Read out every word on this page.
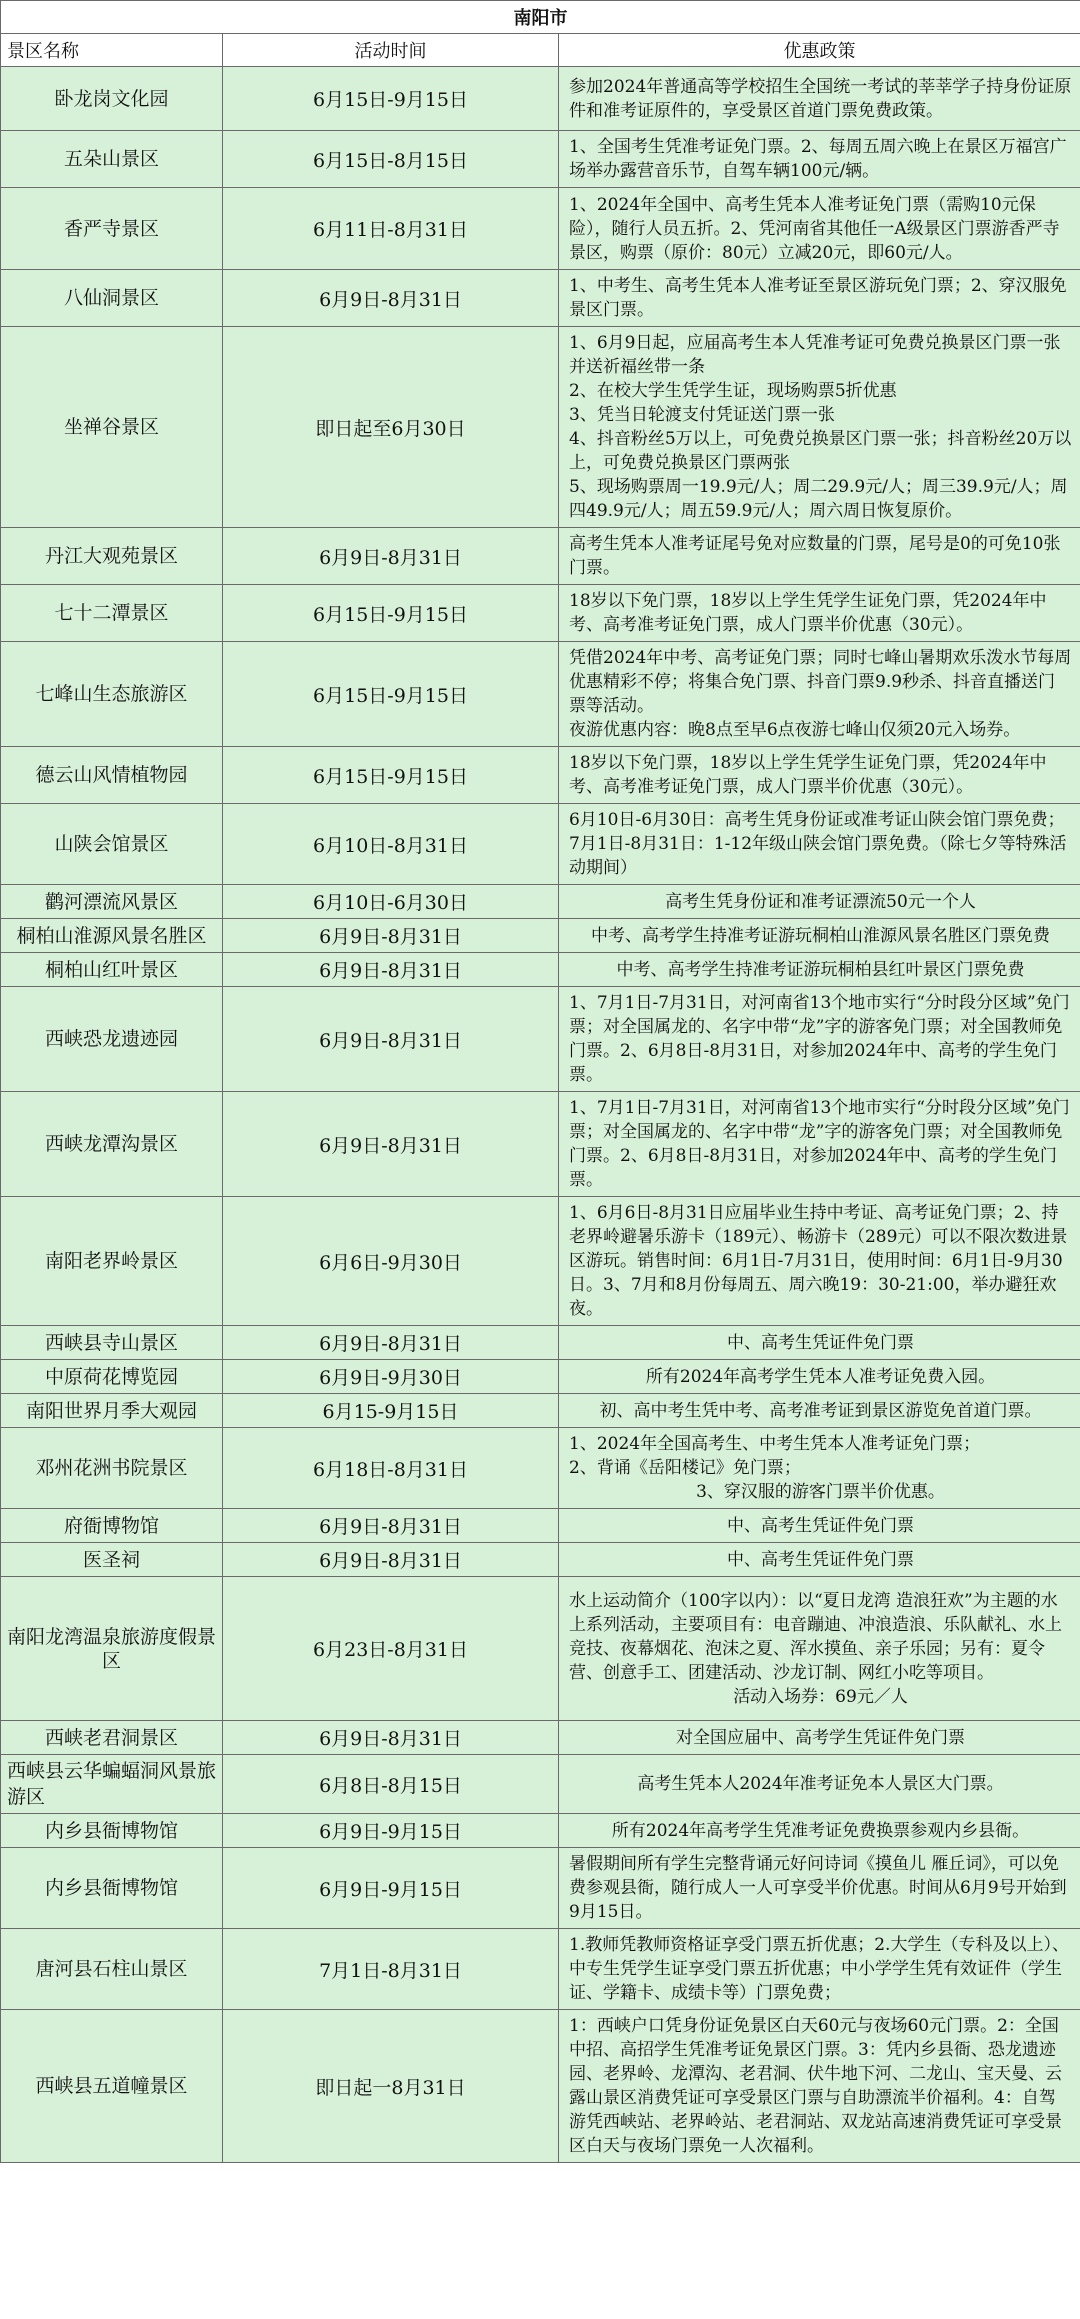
南阳市		
景区名称	活动时间	优惠政策
卧龙岗文化园	6月15日-9月15日	参加2024年普通高等学校招生全国统一考试的莘莘学子持身份证原件和准考证原件的，享受景区首道门票免费政策。

五朵山景区	6月15日-8月15日	1、全国考生凭准考证免门票。2、每周五周六晚上在景区万福宫广场举办露营音乐节，自驾车辆100元/辆。

香严寺景区	6月11日-8月31日	1、2024年全国中、高考生凭本人准考证免门票（需购10元保险），随行人员五折。2、凭河南省其他任一A级景区门票游香严寺景区，购票（原价：80元）立减20元，即60元/人。

八仙洞景区	6月9日-8月31日	1、中考生、高考生凭本人准考证至景区游玩免门票；2、穿汉服免景区门票。

坐禅谷景区	即日起至6月30日	1、6月9日起，应届高考生本人凭准考证可免费兑换景区门票一张并送祈福丝带一条
2、在校大学生凭学生证，现场购票5折优惠
3、凭当日轮渡支付凭证送门票一张
4、抖音粉丝5万以上，可免费兑换景区门票一张；抖音粉丝20万以上，可免费兑换景区门票两张
5、现场购票周一19.9元/人；周二29.9元/人；周三39.9元/人；周四49.9元/人；周五59.9元/人；周六周日恢复原价。

丹江大观苑景区	6月9日-8月31日	高考生凭本人准考证尾号免对应数量的门票，尾号是0的可免10张门票。

七十二潭景区	6月15日-9月15日	18岁以下免门票，18岁以上学生凭学生证免门票，凭2024年中考、高考准考证免门票，成人门票半价优惠（30元）。

七峰山生态旅游区	6月15日-9月15日	凭借2024年中考、高考证免门票；同时七峰山暑期欢乐泼水节每周优惠精彩不停；将集合免门票、抖音门票9.9秒杀、抖音直播送门票等活动。
夜游优惠内容：晚8点至早6点夜游七峰山仅须20元入场券。

德云山风情植物园	6月15日-9月15日	18岁以下免门票，18岁以上学生凭学生证免门票，凭2024年中考、高考准考证免门票，成人门票半价优惠（30元）。

山陕会馆景区	6月10日-8月31日	6月10日-6月30日：高考生凭身份证或准考证山陕会馆门票免费；
7月1日-8月31日：1-12年级山陕会馆门票免费。（除七夕等特殊活动期间）

鹳河漂流风景区	6月10日-6月30日	高考生凭身份证和准考证漂流50元一个人

桐柏山淮源风景名胜区	6月9日-8月31日	中考、高考学生持准考证游玩桐柏山淮源风景名胜区门票免费

桐柏山红叶景区	6月9日-8月31日	中考、高考学生持准考证游玩桐柏县红叶景区门票免费

西峡恐龙遗迹园	6月9日-8月31日	1、7月1日-7月31日，对河南省13个地市实行“分时段分区域”免门票；对全国属龙的、名字中带“龙”字的游客免门票；对全国教师免门票。2、6月8日-8月31日，对参加2024年中、高考的学生免门票。

西峡龙潭沟景区	6月9日-8月31日	1、7月1日-7月31日，对河南省13个地市实行“分时段分区域”免门票；对全国属龙的、名字中带“龙”字的游客免门票；对全国教师免门票。2、6月8日-8月31日，对参加2024年中、高考的学生免门票。

南阳老界岭景区	6月6日-9月30日	1、6月6日-8月31日应届毕业生持中考证、高考证免门票；2、持老界岭避暑乐游卡（189元）、畅游卡（289元）可以不限次数进景区游玩。销售时间：6月1日-7月31日，使用时间：6月1日-9月30日。3、7月和8月份每周五、周六晚19：30-21:00，举办避狂欢夜。

西峡县寺山景区	6月9日-8月31日	中、高考生凭证件免门票

中原荷花博览园	6月9日-9月30日	所有2024年高考学生凭本人准考证免费入园。

南阳世界月季大观园	6月15-9月15日	初、高中考生凭中考、高考准考证到景区游览免首道门票。

邓州花洲书院景区	6月18日-8月31日	1、2024年全国高考生、中考生凭本人准考证免门票；
2、背诵《岳阳楼记》免门票；
3、穿汉服的游客门票半价优惠。

府衙博物馆	6月9日-8月31日	中、高考生凭证件免门票

医圣祠	6月9日-8月31日	中、高考生凭证件免门票

南阳龙湾温泉旅游度假景区	6月23日-8月31日	水上运动简介（100字以内）：以“夏日龙湾 造浪狂欢”为主题的水上系列活动，主要项目有：电音蹦迪、冲浪造浪、乐队献礼、水上竞技、夜幕烟花、泡沫之夏、浑水摸鱼、亲子乐园；另有：夏令营、创意手工、团建活动、沙龙订制、网红小吃等项目。
活动入场券：69元／人

西峡老君洞景区	6月9日-8月31日	对全国应届中、高考学生凭证件免门票

西峡县云华蝙蝠洞风景旅游区	6月8日-8月15日	高考生凭本人2024年准考证免本人景区大门票。

内乡县衙博物馆	6月9日-9月15日	所有2024年高考学生凭准考证免费换票参观内乡县衙。

内乡县衙博物馆	6月9日-9月15日	暑假期间所有学生完整背诵元好问诗词《摸鱼儿 雁丘词》，可以免费参观县衙，随行成人一人可享受半价优惠。时间从6月9号开始到9月15日。

唐河县石柱山景区	7月1日-8月31日	1.教师凭教师资格证享受门票五折优惠；2.大学生（专科及以上）、中专生凭学生证享受门票五折优惠；中小学学生凭有效证件（学生证、学籍卡、成绩卡等）门票免费；

西峡县五道幢景区	即日起一8月31日	1：西峡户口凭身份证免景区白天60元与夜场60元门票。2：全国中招、高招学生凭准考证免景区门票。3：凭内乡县衙、恐龙遗迹园、老界岭、龙潭沟、老君洞、伏牛地下河、二龙山、宝天曼、云露山景区消费凭证可享受景区门票与自助漂流半价福利。4：自驾游凭西峡站、老界岭站、老君洞站、双龙站高速消费凭证可享受景区白天与夜场门票免一人次福利。
